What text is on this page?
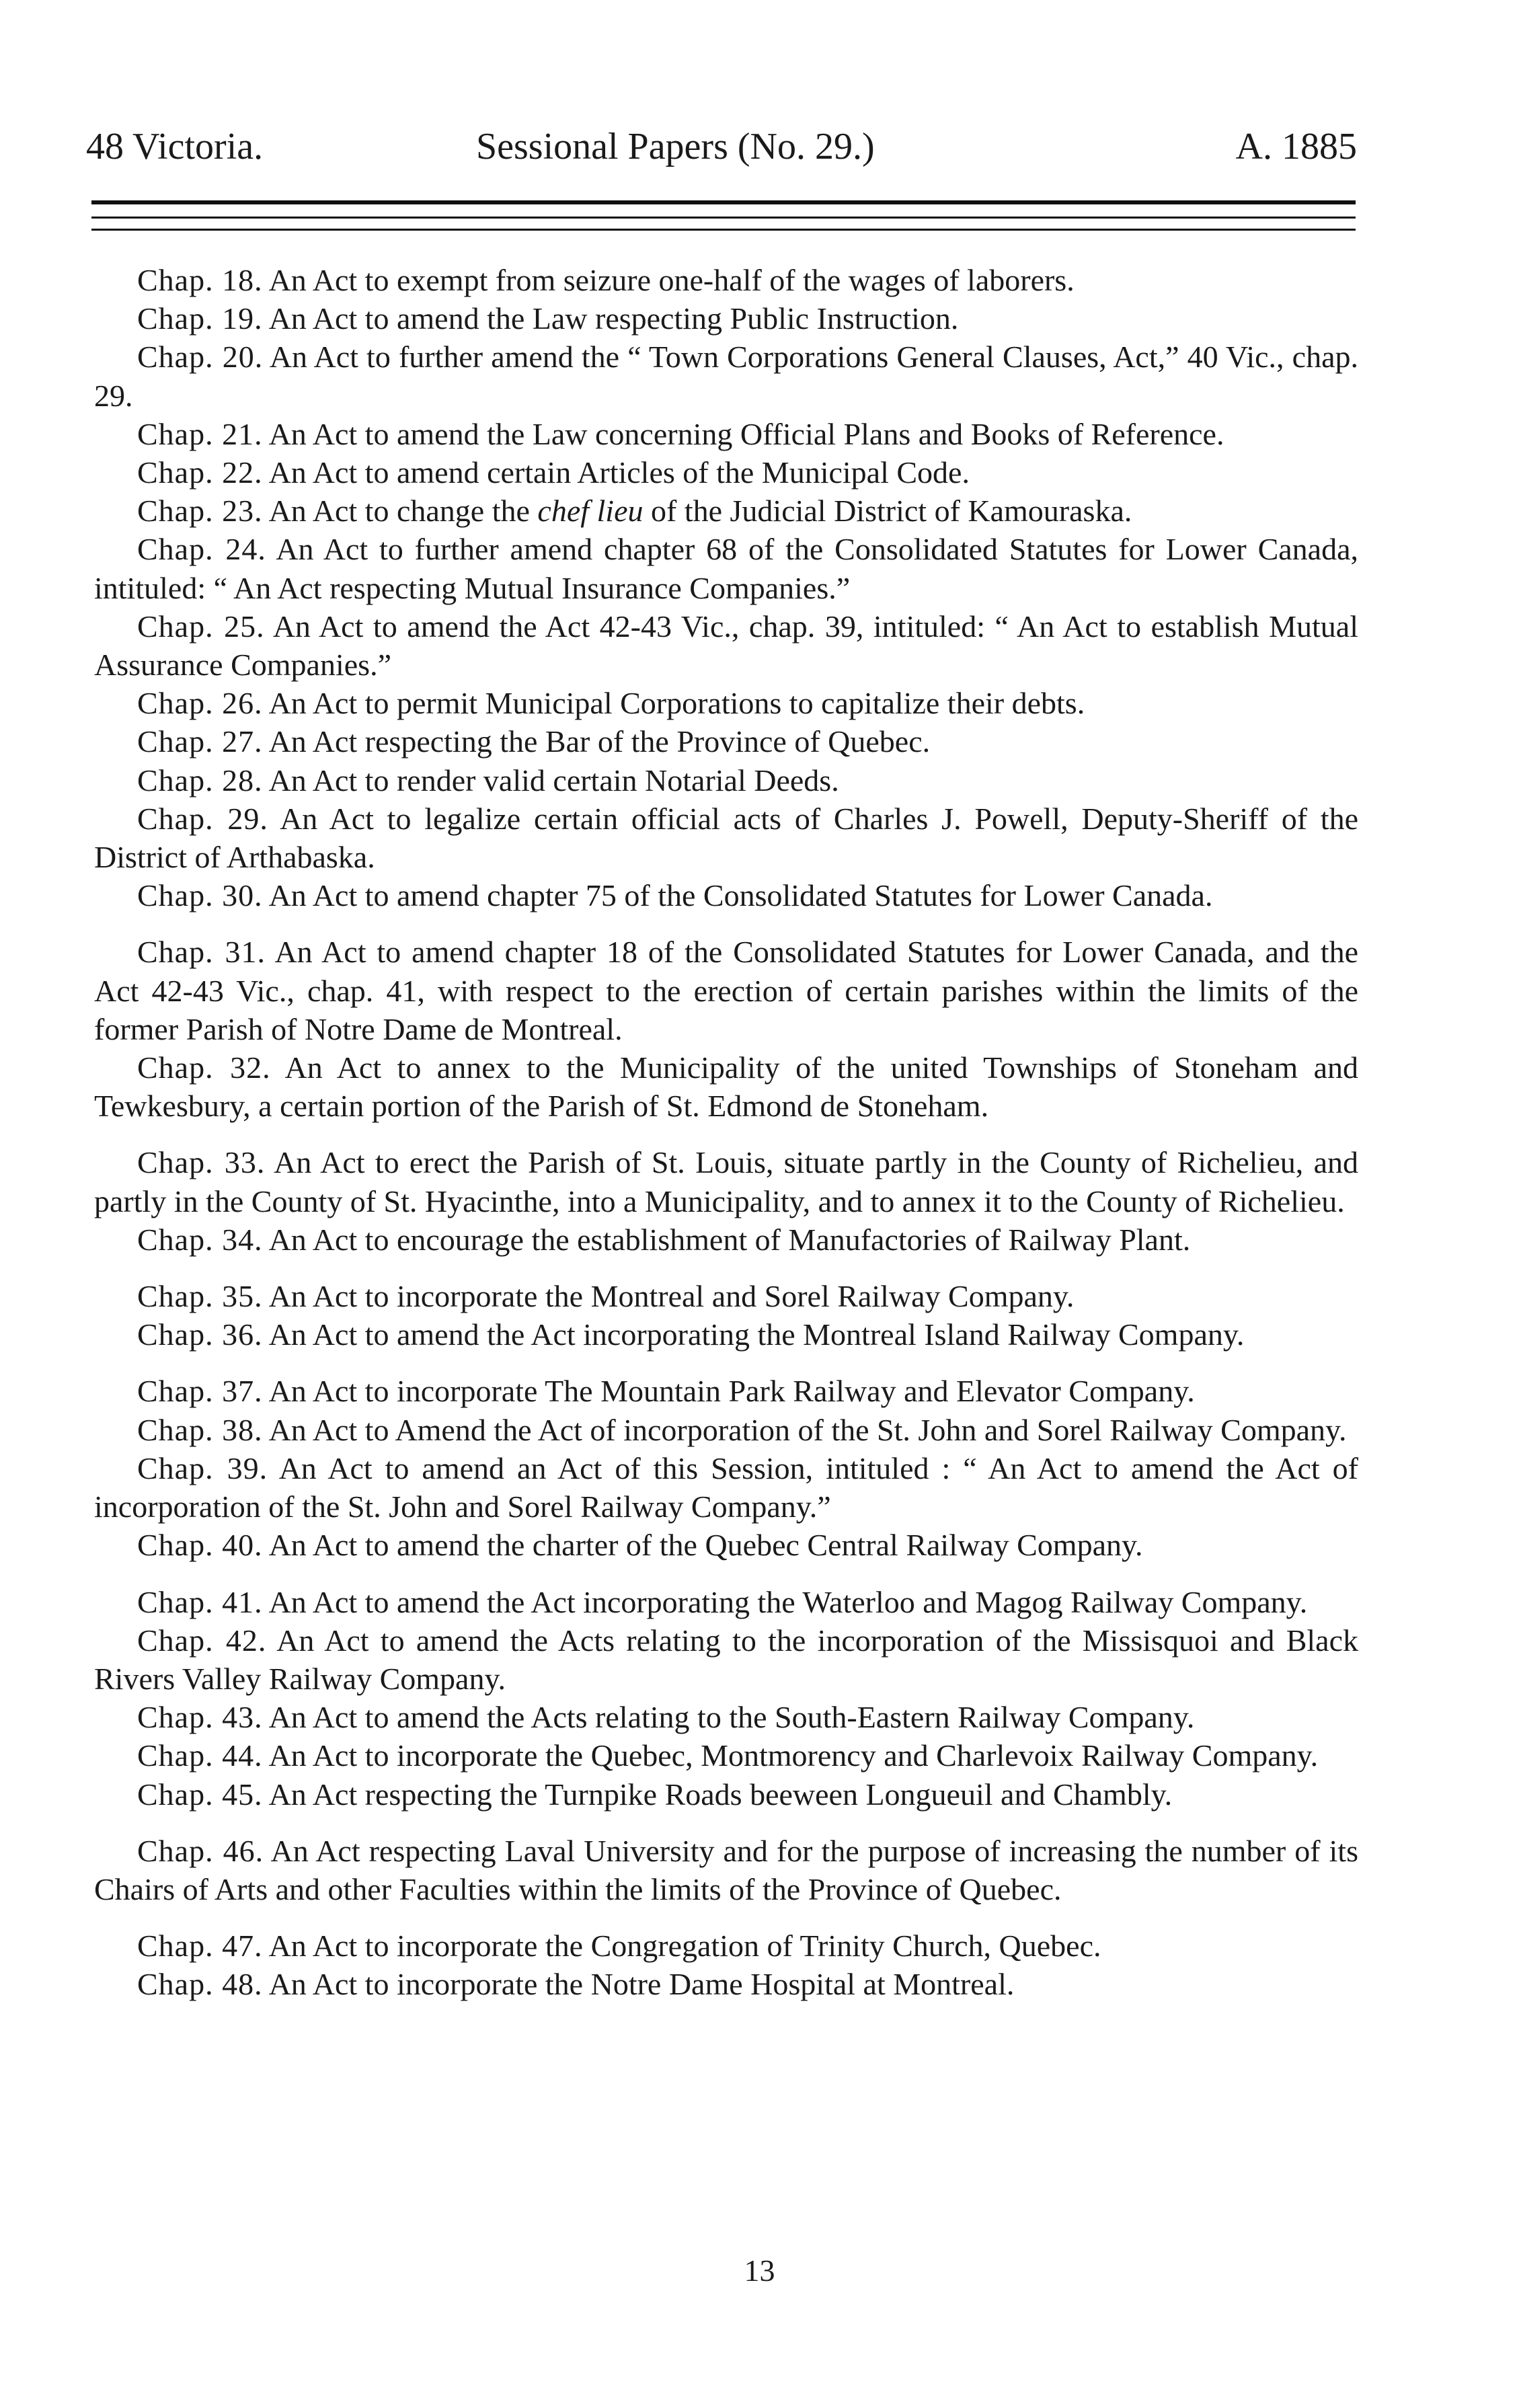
48 Victoria.	Sessional Papers (No. 29.)	A. 1885

Chap. 18. An Act to exempt from seizure one-half of the wages of laborers.

Chap. 19. An Act to amend the Law respecting Public Instruction.

Chap. 20. An Act to further amend the “ Town Corporations General Clauses, Act,” 40 Vic., chap. 29.

Chap. 21. An Act to amend the Law concerning Official Plans and Books of Reference.

Chap. 22. An Act to amend certain Articles of the Municipal Code.

Chap. 23. An Act to change the chef lieu of the Judicial District of Kamouraska.

Chap. 24. An Act to further amend chapter 68 of the Consolidated Statutes for Lower Canada, intituled: “ An Act respecting Mutual Insurance Companies.”

Chap. 25. An Act to amend the Act 42-43 Vic., chap. 39, intituled: “ An Act to establish Mutual Assurance Companies.”

Chap. 26. An Act to permit Municipal Corporations to capitalize their debts.

Chap. 27. An Act respecting the Bar of the Province of Quebec.

Chap. 28. An Act to render valid certain Notarial Deeds.

Chap. 29. An Act to legalize certain official acts of Charles J. Powell, Deputy-Sheriff of the District of Arthabaska.

Chap. 30. An Act to amend chapter 75 of the Consolidated Statutes for Lower Canada.

Chap. 31. An Act to amend chapter 18 of the Consolidated Statutes for Lower Canada, and the Act 42-43 Vic., chap. 41, with respect to the erection of certain parishes within the limits of the former Parish of Notre Dame de Montreal.

Chap. 32. An Act to annex to the Municipality of the united Townships of Stoneham and Tewkesbury, a certain portion of the Parish of St. Edmond de Stoneham.

Chap. 33. An Act to erect the Parish of St. Louis, situate partly in the County of Richelieu, and partly in the County of St. Hyacinthe, into a Municipality, and to annex it to the County of Richelieu.

Chap. 34. An Act to encourage the establishment of Manufactories of Railway Plant.

Chap. 35. An Act to incorporate the Montreal and Sorel Railway Company.

Chap. 36. An Act to amend the Act incorporating the Montreal Island Railway Company.

Chap. 37. An Act to incorporate The Mountain Park Railway and Elevator Company.

Chap. 38. An Act to Amend the Act of incorporation of the St. John and Sorel Railway Company.

Chap. 39. An Act to amend an Act of this Session, intituled : “ An Act to amend the Act of incorporation of the St. John and Sorel Railway Company.”

Chap. 40. An Act to amend the charter of the Quebec Central Railway Company.

Chap. 41. An Act to amend the Act incorporating the Waterloo and Magog Railway Company.

Chap. 42. An Act to amend the Acts relating to the incorporation of the Missisquoi and Black Rivers Valley Railway Company.

Chap. 43. An Act to amend the Acts relating to the South-Eastern Railway Company.

Chap. 44. An Act to incorporate the Quebec, Montmorency and Charlevoix Railway Company.

Chap. 45. An Act respecting the Turnpike Roads beeween Longueuil and Chambly.

Chap. 46. An Act respecting Laval University and for the purpose of increasing the number of its Chairs of Arts and other Faculties within the limits of the Province of Quebec.

Chap. 47. An Act to incorporate the Congregation of Trinity Church, Quebec.

Chap. 48. An Act to incorporate the Notre Dame Hospital at Montreal.

13
